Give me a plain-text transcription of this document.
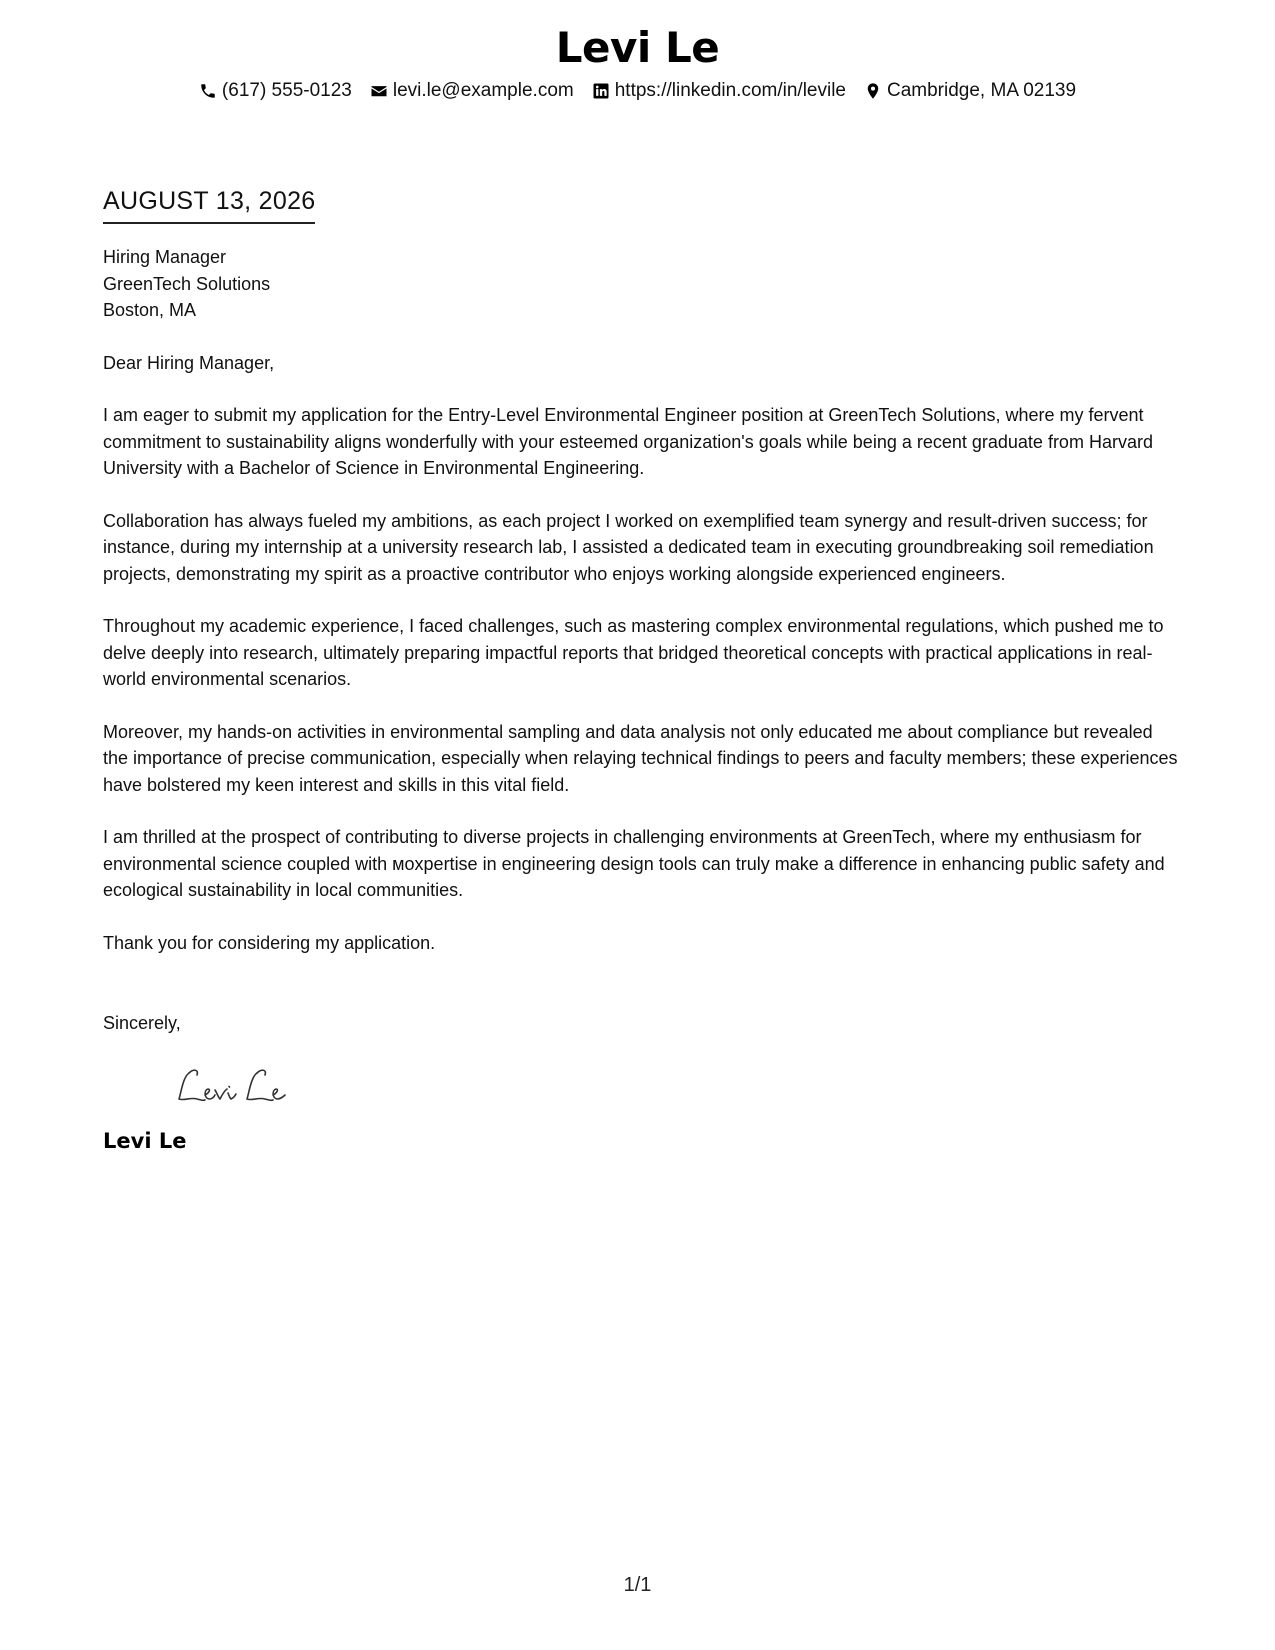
Levi Le
(617) 555-0123 levi.le@example.com https://linkedin.com/in/levile Cambridge, MA 02139
AUGUST 13, 2026
Hiring Manager
GreenTech Solutions
Boston, MA
Dear Hiring Manager,
I am eager to submit my application for the Entry-Level Environmental Engineer position at GreenTech Solutions, where my fervent commitment to sustainability aligns wonderfully with your esteemed organization's goals while being a recent graduate from Harvard University with a Bachelor of Science in Environmental Engineering.
Collaboration has always fueled my ambitions, as each project I worked on exemplified team synergy and result-driven success; for instance, during my internship at a university research lab, I assisted a dedicated team in executing groundbreaking soil remediation projects, demonstrating my spirit as a proactive contributor who enjoys working alongside experienced engineers.
Throughout my academic experience, I faced challenges, such as mastering complex environmental regulations, which pushed me to delve deeply into research, ultimately preparing impactful reports that bridged theoretical concepts with practical applications in real-world environmental scenarios.
Moreover, my hands-on activities in environmental sampling and data analysis not only educated me about compliance but revealed the importance of precise communication, especially when relaying technical findings to peers and faculty members; these experiences have bolstered my keen interest and skills in this vital field.
I am thrilled at the prospect of contributing to diverse projects in challenging environments at GreenTech, where my enthusiasm for environmental science coupled with мoxpertise in engineering design tools can truly make a difference in enhancing public safety and ecological sustainability in local communities.
Thank you for considering my application.
Sincerely,
Levi Le
1/1
